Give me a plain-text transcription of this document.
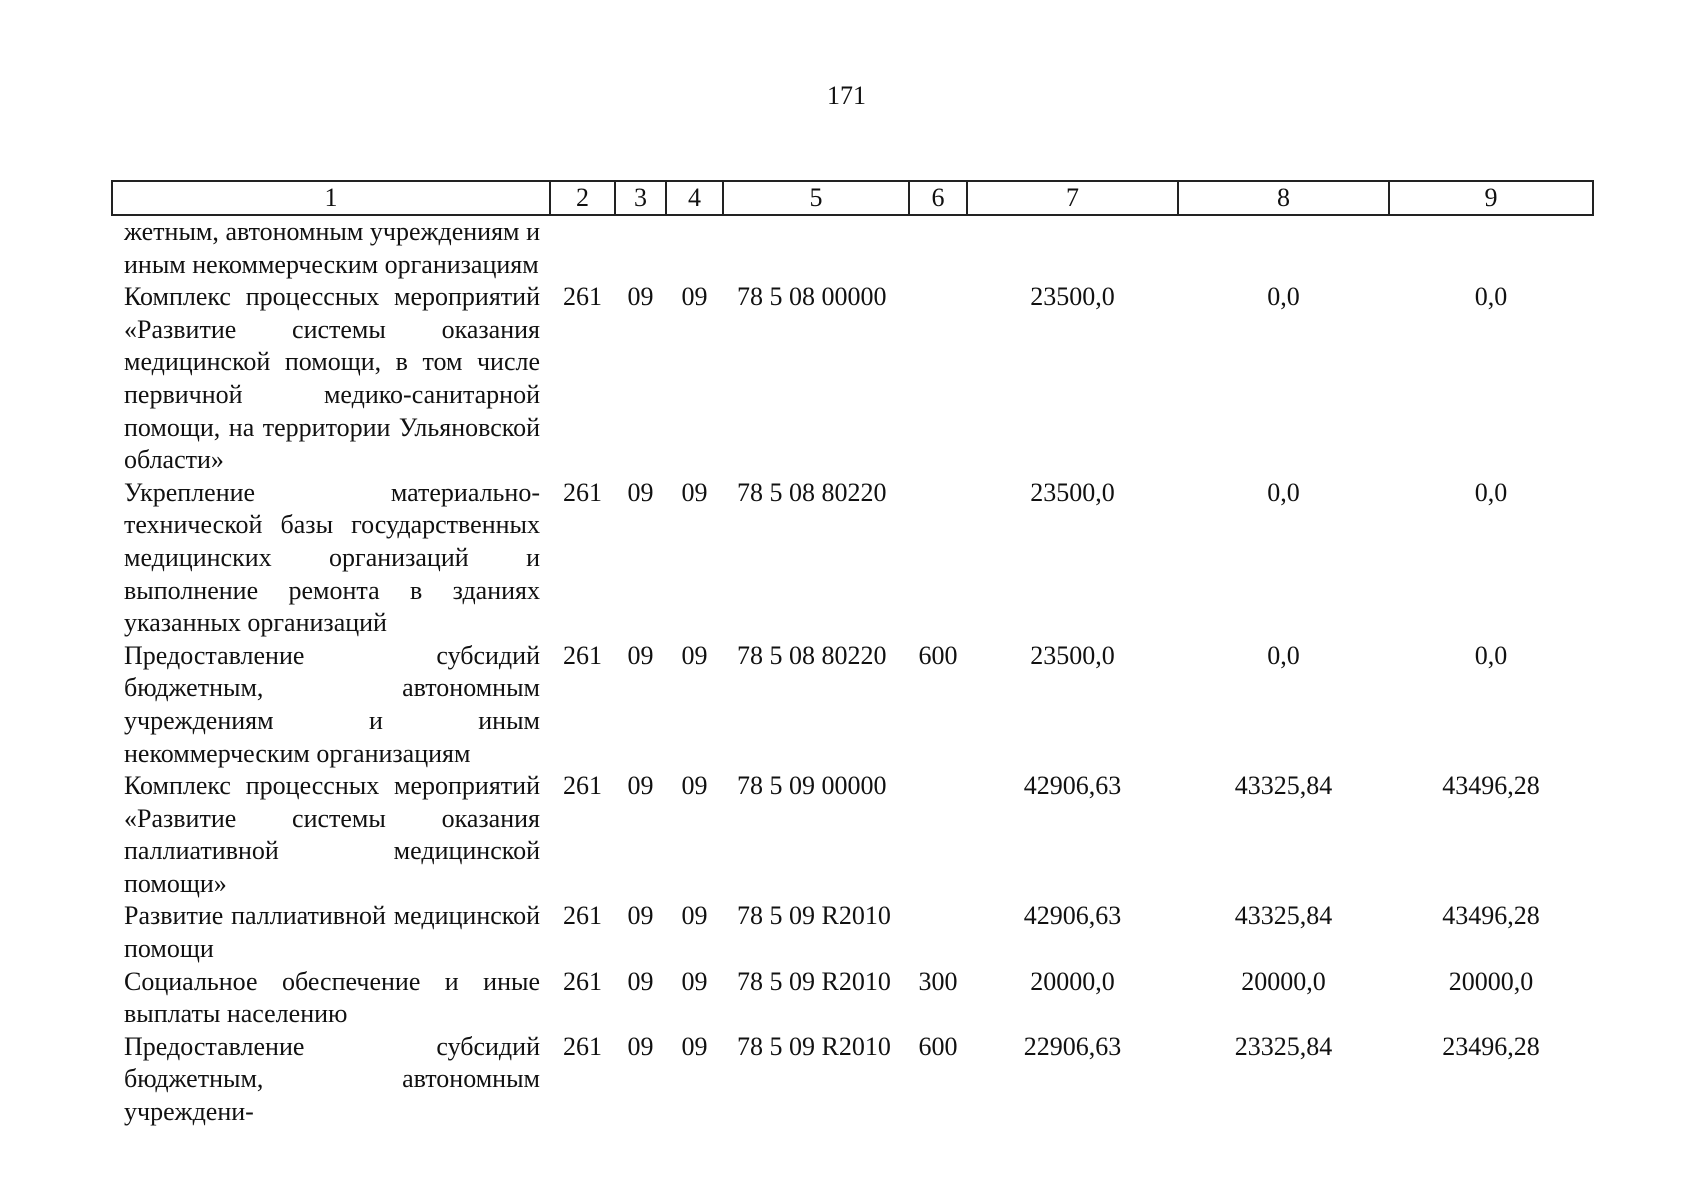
171
1	2	3	4	5	6	7	8	9
жетным, автономным учреждениям и иным некоммерческим организациям								
Комплекс процессных мероприятий «Развитие системы оказания медицинской помощи, в том числе первичной медико-санитарной помощи, на территории Ульяновской области»	261	09	09	78 5 08 00000		23500,0	0,0	0,0
Укрепление материально-технической базы государственных медицинских организаций и выполнение ремонта в зданиях указанных организаций	261	09	09	78 5 08 80220		23500,0	0,0	0,0
Предоставление субсидий бюджетным, автономным учреждениям и иным некоммерческим организациям	261	09	09	78 5 08 80220	600	23500,0	0,0	0,0
Комплекс процессных мероприятий «Развитие системы оказания паллиативной медицинской помощи»	261	09	09	78 5 09 00000		42906,63	43325,84	43496,28
Развитие паллиативной медицинской помощи	261	09	09	78 5 09 R2010		42906,63	43325,84	43496,28
Социальное обеспечение и иные выплаты населению	261	09	09	78 5 09 R2010	300	20000,0	20000,0	20000,0
Предоставление субсидий бюджетным, автономным учреждени-	261	09	09	78 5 09 R2010	600	22906,63	23325,84	23496,28
